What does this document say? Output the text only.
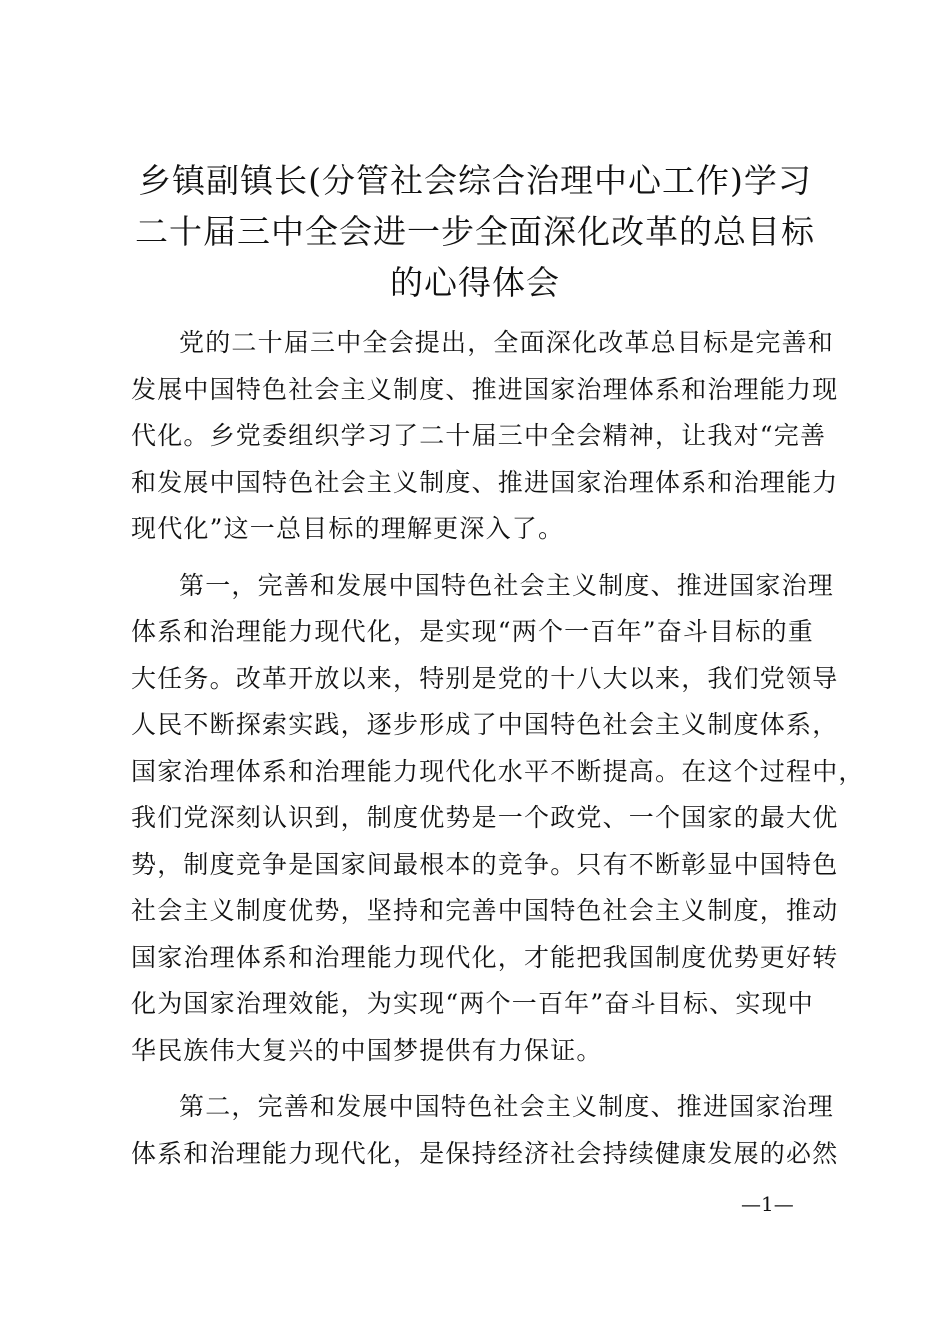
乡镇副镇长(分管社会综合治理中心工作)学习
二十届三中全会进一步全面深化改革的总目标
的心得体会
党的二十届三中全会提出，全面深化改革总目标是完善和
发展中国特色社会主义制度、推进国家治理体系和治理能力现
代化。乡党委组织学习了二十届三中全会精神，让我对“完善
和发展中国特色社会主义制度、推进国家治理体系和治理能力
现代化”这一总目标的理解更深入了。
第一，完善和发展中国特色社会主义制度、推进国家治理
体系和治理能力现代化，是实现“两个一百年”奋斗目标的重
大任务。改革开放以来，特别是党的十八大以来，我们党领导
人民不断探索实践，逐步形成了中国特色社会主义制度体系，
国家治理体系和治理能力现代化水平不断提高。在这个过程中，
我们党深刻认识到，制度优势是一个政党、一个国家的最大优
势，制度竞争是国家间最根本的竞争。只有不断彰显中国特色
社会主义制度优势，坚持和完善中国特色社会主义制度，推动
国家治理体系和治理能力现代化，才能把我国制度优势更好转
化为国家治理效能，为实现“两个一百年”奋斗目标、实现中
华民族伟大复兴的中国梦提供有力保证。
第二，完善和发展中国特色社会主义制度、推进国家治理
体系和治理能力现代化，是保持经济社会持续健康发展的必然
—1—
